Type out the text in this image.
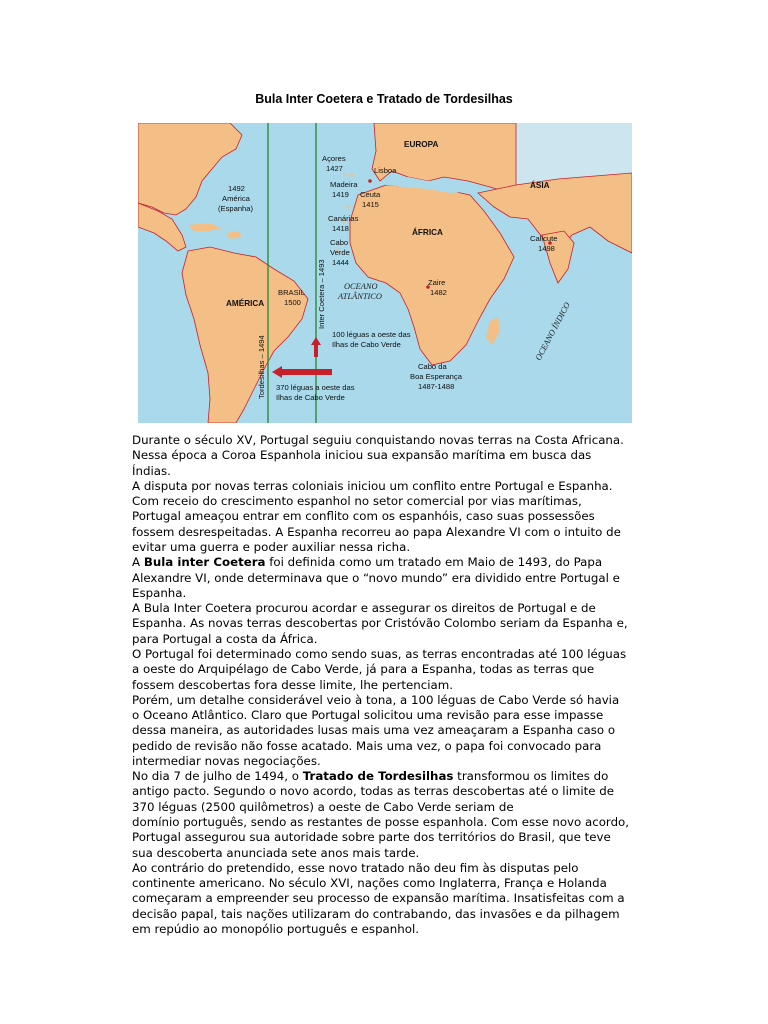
Bula Inter Coetera e Tratado de Tordesilhas
EUROPA
ÁSIA
ÁFRICA
AMÉRICA
Açores
1427	Lisboa
Madeira
1419 Ceuta
1415
Canárias
1418
Cabo
Verde
1444
1492
América
(Espanha)
BRASIL
1500
Zaire
1482
Calicute
1498
OCEANO
ATLÂNTICO
OCEANO ÍNDICO
Inter Coetera – 1493
Tordesilhas – 1494
100 léguas a oeste das
Ilhas de Cabo Verde
370 léguas a oeste das
Ilhas de Cabo Verde
Cabo da
Boa Esperança
1487-1488
Durante o século XV, Portugal seguiu conquistando novas terras na Costa Africana.
Nessa época a Coroa Espanhola iniciou sua expansão marítima em busca das
Índias.
A disputa por novas terras coloniais iniciou um conflito entre Portugal e Espanha.
Com receio do crescimento espanhol no setor comercial por vias marítimas,
Portugal ameaçou entrar em conflito com os espanhóis, caso suas possessões
fossem desrespeitadas. A Espanha recorreu ao papa Alexandre VI com o intuito de
evitar uma guerra e poder auxiliar nessa richa.
A Bula inter Coetera foi definida como um tratado em Maio de 1493, do Papa
Alexandre VI, onde determinava que o “novo mundo” era dividido entre Portugal e
Espanha.
A Bula Inter Coetera procurou acordar e assegurar os direitos de Portugal e de
Espanha. As novas terras descobertas por Cristóvão Colombo seriam da Espanha e,
para Portugal a costa da África.
O Portugal foi determinado como sendo suas, as terras encontradas até 100 léguas
a oeste do Arquipélago de Cabo Verde, já para a Espanha, todas as terras que
fossem descobertas fora desse limite, lhe pertenciam.
Porém, um detalhe considerável veio à tona, a 100 léguas de Cabo Verde só havia
o Oceano Atlântico. Claro que Portugal solicitou uma revisão para esse impasse
dessa maneira, as autoridades lusas mais uma vez ameaçaram a Espanha caso o
pedido de revisão não fosse acatado. Mais uma vez, o papa foi convocado para
intermediar novas negociações.
No dia 7 de julho de 1494, o Tratado de Tordesilhas transformou os limites do
antigo pacto. Segundo o novo acordo, todas as terras descobertas até o limite de
370 léguas (2500 quilômetros) a oeste de Cabo Verde seriam de
domínio português, sendo as restantes de posse espanhola. Com esse novo acordo,
Portugal assegurou sua autoridade sobre parte dos territórios do Brasil, que teve
sua descoberta anunciada sete anos mais tarde.
Ao contrário do pretendido, esse novo tratado não deu fim às disputas pelo
continente americano. No século XVI, nações como Inglaterra, França e Holanda
começaram a empreender seu processo de expansão marítima. Insatisfeitas com a
decisão papal, tais nações utilizaram do contrabando, das invasões e da pilhagem
em repúdio ao monopólio português e espanhol.
